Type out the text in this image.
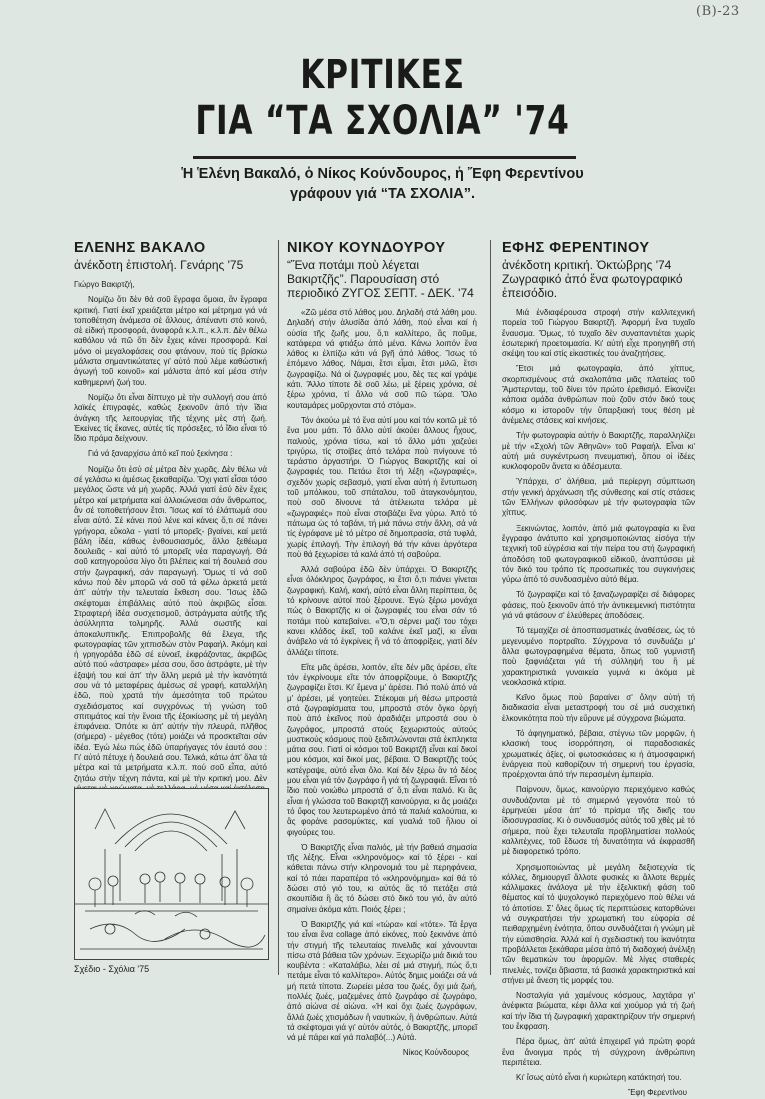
(B)-23
ΚΡΙΤΙΚΕΣ
ΓΙΑ “ΤΑ ΣΧΟΛΙΑ” '74
Ἡ Ἑλένη Βακαλό, ὁ Νίκος Κούνδουρος, ἡ Ἔφη Φερεντίνου
γράφουν γιά “ΤΑ ΣΧΟΛΙΑ”.
ΕΛΕΝΗΣ ΒΑΚΑΛΟ
ἀνέκδοτη ἐπιστολή. Γενάρης '75

Γιώργο Βακιρτζή,

Νομίζω ὅτι δὲν θά σοῦ ἔγραφα ὅμοια, ἂν ἔγραφα κριτική. Γιατί ἐκεῖ χρειάζεται μέτρο καί μέτρημα γιά νά τοποθέτηση ἀνάμεσα σὲ ἄλλους, ἀπέναντι στό κοινό, σὲ εἰδική προσφορά, ἀναφορά κ.λ.π., κ.λ.π. Δὲν θέλω καθόλου νά πῶ ὅτι δὲν ἔχεις κάνει προσφορά. Καί μόνο οἱ μεγαλοφάσεις σου φτάνουν, πού τίς βρίσκω μάλιστα σημαντικώτατες γι' αὐτό πού λέμε καθώστική ἀγωγή τοῦ κοινοῦ» καί μάλιστα ἀπό καί μέσα στὴν καθημερινή ζωή του.

Νομίζω ὅτι εἶναι δίπτυχο μὲ τὴν συλλογή σου ἀπό λαϊκές ἐπιγραφές, καθώς ξεκινοῦν ἀπό τὴν ἴδια ἀνάγκη τῆς λειτουργίας τῆς τέχνης μὲς στή ζωή. Ἐκείνες τίς ἔκανες, αὐτές τίς πρόσεξες, τό ἴδιο εἶναι τό ἴδιο πράμα δείχνουν.

Γιά νά ξαναρχίσω ἀπό κεῖ πού ξεκίνησα :

Νομίζω ὅτι ἐσύ σέ μέτρα δὲν χωρᾶς. Δὲν θέλω νά σέ γελάσω κι ἀμέσως ξεκαθαρίζω. Ὄχι γιατί εἶσαι τόσο μεγάλος ὥστε νά μή χωρᾶς. Ἀλλά γιατί ἐσύ δὲν ἔχεις μέτρο καί μετρήματα καί ἀλλοιώνεσαι σάν ἄνθρωπος, ἂν σέ τοποθετήσουν ἔτσι. Ἴσως καί τό ἐλάττωμά σου εἶναι αὐτό. Σέ κάνει πού λένε καί κάνεις ὅ,τι σέ πάνει γρήγορα, εὔκολα - γιατί τό μπορεῖς- βγαίνει, καί μετά βάλη ἰδέα, κάθως ἐνθουσιασμός, ἄλλο ξεθέωμα δουλειᾶς - καί αὐτό τό μπορεῖς νέα παραγωγή. Θά σοῦ κατηγορούσα λίγο ὅτι βλέπεις καί τή δουλειά σου στήν ζωγραφική, σάν παραγωγή. Ὅμως τί νά σοῦ κάνω πού δὲν μπορῶ νά σοῦ τά φέλω ἀρκετά μετά ἀπ' αὐτήν τὴν τελευταία ἔκθεση σου. Ἴσως ἐδῶ σκέφτομαι ἐπιβάλλεις αὐτό ποὺ ἀκριβῶς εἶσαι. Στραφτερή ἰδέα συσχετισμοῦ, ἀστράγματα αὐτῆς τῆς ἀσύλληπτα τολμηρῆς. Ἀλλά σωστῆς καί ἀποκαλυπτικῆς. Ἐπιπροβολῆς θά ἔλεγα, τῆς φωτογραφίας τῶν χιτπισδών στὸν Ραφαήλ. Ἀκόμη καί ἡ γρηγοράδα ἐδῶ σέ εὐνοεῖ, ἐκφράζοντας, ἀκριβῶς αὐτό πού «ἀστραφε» μέσα σου, ὅσο ἀστράφτε, μὲ τὴν ἐξαψή του καί ἀπ' τὴν ἄλλη μεριά μὲ τὴν ἱκανότητά σου νά τό μεταφέρεις ἀμέσως σέ γραφή, καταλλήλη ἐδῶ, ποὺ χρατά τήν ἀμεσότητα τοῦ πρώτου σχεδιάσματος καί συγχρόνως τή γνώση τοῦ σπιτιμάτος καί τὴν ἔνοια τῆς ἐξοικίωσης μὲ τή μεγάλη ἐπιφάνεια. Ὁπότε κι ἀπ' αὐτήν τὴν πλευρά, πλῆθος (σήμερα) - μέγεθος (τότε) μοιάζει νά προσκτεῖται σάν ἰδέα. Ἐγώ λέω πώς ἐδῶ ὑπαρήγαγες τόν ἑαυτό σου : Γι' αὐτό πέτυχε ἡ δουλειά σου. Τελικά, κάτω ἀπ' ὅλα τά μέτρα καί τά μετρήματα κ.λ.π. πού σοῦ εἶπα, αὐτό ζητάω στὴν τέχνη πάντα, καί μὲ τὴν κριτική μου. Δὲν

Σχέδιο - Σχόλια '75
ΝΙΚΟΥ ΚΟΥΝΔΟΥΡΟΥ
“Ἕνα ποτάμι ποὺ λέγεται Βακιρτζῆς”. Παρουσίαση στό περιοδικό ΖΥΓΟΣ ΣΕΠΤ. - ΔΕΚ. '74

«Ζῶ μέσα στό λάθος μου. Δηλαδή στά λάθη μου. Δηλαδή στήν ἀλυσίδα ἀπό λάθη, πού εἶναι καί ἡ οὐσία τῆς ζωῆς μου, ὅ,τι καλλίτερο, ἂς ποῦμε, κατάφερα νά φτιάξω ἀπό μένα. Κάνω λοιπόν ἕνα λάθος κι ἐλπίζω κάτι νά βγῆ ἀπό λάθος. Ἴσως τό ἑπόμενο λάθος. Νάμαι, ἔτσι εἶμαι, ἔτσι μιλῶ, ἔτσι ζωγραφίζω. Νά οἱ ζωγραφιές μου, δὲς τες καί γράψε κάτι. Ἄλλο τίποτε δὲ σοῦ λέω, μὲ ξέρεις χρόνια, σέ ξέρω χρόνια, τί ἄλλο νά σοῦ πῶ τώρα. Ὅλο κουταμάρες μοῦρχονται στό στόμα».

Τόν ἀκούω μὲ τό ἕνα αὐτί μου καί τόν κοιτῶ μὲ τό ἕνα μου μάτι. Τό ἄλλο αὐτί ἀκούει ἄλλους ἤχους, παλιούς, χρόνια τίσω, καί τό ἄλλο μάτι χαζεύει τριγύρω, τίς στοίβες ἀπό τελάρα ποὺ πνίγουνε τό τεράστιο ἀργαστήρι. Ὁ Γιώργος Βακιρτζῆς καί οἱ ζωγραφιές του. Πετάω ἔτσι τή λέξη «ζωγραφιές», σχεδόν χωρίς σεβασμό, γιατί εἶναι αὐτή ἡ ἔντυπωση τοῦ μπόλικου, τοῦ σπάταλου, τοῦ ἀταγκονόμητου, ποὺ σοῦ δίνουνε τά ἀτέλειωτα τελάρα μὲ «ζωγραφιές» ποὺ εἶναι στοιβάζει ἕνα γύρω. Ἀπό τό πάτωμα ὡς τό ταβάνι, τή μιά πάνω στήν ἄλλη, σά νά τίς ἐγράφανε μὲ τό μέτρο σέ δημοπρασία, στά τυφλά, χωρίς ἐπιλογή. Τὴν ἐπιλογή θά τήν κάνει ἀργότερα ποὺ θά ξεχωρίσει τά καλά ἀπό τή σαβούρα.

Ἀλλά σαβούρα ἐδῶ δὲν ὑπάρχει. Ὁ Βακιρτζῆς εἶναι ὁλόκληρος ζωγράφος, κι ἔτσι ὅ,τι πιάνει γίνεται ζωγραφική. Καλή, κακή, αὐτό εἶναι ἄλλη περίπτεια, ὃς τό κρίνουνε αὐτοί ποὺ ξέρουνε. Ἐγώ ξέρω μονάχα πώς ὁ Βακιρτζῆς κι οἱ ζωγραφιές του εἶναι σάν τό ποτάμι ποὺ κατεβαίνει. «Ὅ,τι σέρνει μαζί του τόχει κανει κλάδος ἐκεῖ, τοῦ καλάνε ἐκεῖ μαζί, κι εἶναι ἀνάβελο νά τό ἐγκρίνεις ἢ νά τό ἀποφρίξεις, γιατί δέν ἀλλάζει τίποτε.

Εἴτε μᾶς ἀρέσει, λοιπόν, εἴτε δέν μᾶς ἀρέσει, εἴτε τόν ἐγκρίνουμε εἴτε τόν ἀποφρίζουμε, ὁ Βακιρτζῆς ζωγραφίζει ἔτσι. Κι' ἔμενα μ' ἀρέσει. Πιό πολύ ἀπό νά μ' ἀρέσει, μέ γοητεύει. Στέκομαι μή θέσω μπροστά στά ζωγραφίσματα του, μπροστά στόν ὄγκο ὁργή ποὺ ἀπό ἐκεῖνος ποὺ ἀραδιάζει μπροστά σου ὁ ζωγράφος, μπροστά στούς ξεχωριστούς αὐτούς μυστικούς κόσμους ποὺ ξεδιπλώνονται στά ἐκπληκτα μάτια σου. Γιατί οἱ κόσμοι τοῦ Βακιρτζῆ εἶναι καί δικοί μου κόσμοι, καί δικοί μας, βέβαια. Ὁ Βακιρτζῆς τούς κατέγραψε, αὐτό εἶναι ὅλο. Καί δέν ξέρω ἂν τό δέος μου εἶναι γιά τόν ζωγράφο ἢ γιά τή ζωγραφιά. Εἶναι τό ἴδιο ποὺ νοιώθω μπροστά σ' ὅ,τι εἶναι παλιό. Κι ἂς εἶναι ἡ γλώσσα τοῦ Βακιρτζῆ καινούργια, κι ἂς μοιάζει τό ὕφος του λευτερωμένο ἀπό τά παλιά καλούπια, κι ἂς φοράνε ρασομύκτες, καί γυαλιά τοῦ ἥλιου οἱ φιγούρες του.

Ὁ Βακιρτζῆς εἶναι παλιός, μὲ τήν βαθειά σημασία τῆς λέξης. Εἶναι «κληρονόμος» καί τό ξέρει - καί κάθεται πάνω στήν κληρονομιά του μὲ περηφάνεια, καί τό πάει παραπέρα τό «κληρονόμημα» καί θά τό δώσει στό γιό του, κι αὐτός ἂς τό πετάξει στά σκουπίδια ἢ ἂς τό δώσει στό δικό του γιό, ἂν αὐτό σημαίνει ἀκόμα κάτι. Ποιός ξέρει ;

Ὁ Βακιρτζῆς γιά καί «τώρα» καί «τότε». Τά ἔργα του εἶναι ἕνα collage ἀπό εἰκόνες, ποὺ ξεκινάνε ἀπό τήν στιγμή τῆς τελευταίας πινελιᾶς καί χάνουνται πίσω στά βάθεια τῶν χρόνων. Ξεχωρίζω μιά δικιά του κουβέντα : «Καταλάβω, λέει σέ μιά στιγμή, πώς ὅ,τι πετάμε εἶναι τό καλλίτερο». Αὐτός δημις μοιάζει σά νά μή πετά τίποτα. Ζωρείει μέσα του ζωές, ὄχι μιά ζωή, πολλές ζωές, μαζεμένες ἀπό ζωγράφο σέ ζωγράφο, ἀπό αἰώνα σέ αἰώνα. «Ἡ καί ὄχι ζωές ζωγράφων, ἄλλά ζωές χτισμάδων ἢ ναυτικών, ἢ ἀνθρώπων. Αὐτά τά σκέφτομαι γιά γι' αὐτόν αὐτός, ὁ Βακιρτζῆς, μπορεῖ νά μέ πάρει καί γιά παλαβό(...) Αὐτά.

Νίκος Κούνδουρος
ΕΦΗΣ ΦΕΡΕΝΤΙΝΟΥ
ἀνέκδοτη κριτική. Ὀκτώβρης '74 Ζωγραφικό ἀπό ἕνα φωτογραφικό ἐπεισόδιο.

Μιά ἐνδιαφέρουσα στροφή στήν καλλιτεχνική πορεία τοῦ Γιώργου Βακιρτζῆ. Ἀφορμή ἕνα τυχαῖο ἔναυσμα. Ὅμως, τό τυχαῖο δὲν συναπαντιέται χωρίς ἐσωτερική προετοιμασία. Κι' αὐτή εἶχε προηγηθῆ στή σκέψη του καί στίς εἰκαστικές του ἀναζητήσεις.

Ἔτσι μιά φωτογραφία, ἀπό χίτπυς, σκορπισμένους στά σκαλοπάτια μιᾶς πλατείας τοῦ Ἄμστερνταμ, τοῦ δίνει τόν πρώτο ἐρεθισμό. Εἰκονίζει κάποια ομάδα ἀνθρώπων ποὺ ζοῦν στόν δικό τους κόσμο κι ἱστοροῦν τήν ὕπαρξιακή τους θέση μὲ ἀνέμελες στάσεις καί κινήσεις.

Τήν φωτογραφία αὐτήν ὁ Βακιρτζῆς, παραλληλίζει μὲ τήν «Σχολή τῶν Ἀθηνῶν» τοῦ Ραφαήλ. Εἶναι κι' αὐτή μιά συγκέντρωση πνευματική, ὅπου οἱ ἰδέες κυκλοφοροῦν ἄνετα κι ἀδέσμευτα.

Ὑπάρχει, σ' ἀλήθεια, μιά περίεργη σύμπτωση στήν γενική ἀρχάνωση τῆς σύνθεσης καί στίς στάσεις τῶν Ἑλλήνων φιλοσόφων μὲ τήν φωτογραφία τῶν χίτπυς.

Ξεκινώντας, λοιπόν, ἀπό μιά φωτογραφία κι ἕνα ἔγγραφο ἀνάτυπο καί χρησιμοποιώντας εἰσόγα τήν τεχνική τοῦ εὐγρέσια καί τήν πείρα του στή ζωγραφική ἀποδόση τοῦ φωτογραφικοῦ εἰδικοῦ, ἀναπτύσσει μὲ τόν δικό του τρόπο τίς προσωπικές του συγκινήσεις γύρω ἀπό τό συνδυασμένο αὐτό θέμα.

Τό ζωγραφίζει καί τό ξαναζωγραφίζει σέ διάφορες φάσεις, ποὺ ξεκινοῦν ἀπό τήν ἀντικειμενική πιστότητα γιά νά φτάσουν σ' ἐλεύθερες ἀποδόσεις.

Τό τεμαχίζει σέ ἀποσπασματικές ἀναθέσεις, ὡς τό μεγενυμένο πορτραῖτο. Σύγχρονα τό συνδυάζει μ' ἄλλα φωτογραφημένα θέματα, ὅπως τοῦ γυμνιστῆ ποὺ ξαφνιάζεται γιά τή σύλληψή του ἢ μὲ χαρακτηριστικά γυναικεία γυμνά κι ἀκόμα μὲ νεοκλασικά κτίρια.

Κεῖνο ὅμως ποὺ βαραίνει σ' ὅλην αὐτή τή διαδικασία εἶναι μεταστροφή του σέ μιά συσχετική ἐλκονικότητα ποὺ τήν εὔρυνε μέ σύγχρονα βιώματα.

Τό ἀφηγηματικό, βέβαια, στέγνω τῶν μορφῶν, ἡ κλασική τους ἰσορρόπηση, οἱ παραδοσιακές χρωματικές ἀξίες, οἱ φωτοσκιάσεις κι ἡ ἀτμοσφαιρική ἐνάργεια ποὺ καθορίζουν τή σημερινή του ἐργασία, προέρχονται ἀπό τήν περασμένη ἐμπειρία.

Παίρνουν, ὅμως, καινούργιο περιεχόμενο καθώς συνδυάζονται μὲ τό σημερινό γεγονότα ποὺ τό ἐρμηνεύει μέσα ἀπ' τό πρίσμα τῆς δικῆς του ἰδιοσυγρασίας. Κι ὁ συνδυασμός αὐτός τοῦ χθὲς μὲ τό σήμερα, ποὺ ἔχει τελευταῖα προβληματίσει πολλούς καλλιτέχνες, τοῦ ἔδωσε τή δυνατότητα νά ἐκφρασθῆ μὲ διαφορετικό τρόπο.

Χρησιμοποιώντας μὲ μεγάλη δεξιοτεχνία τίς κόλλες, δημιουργεῖ ἄλλοτε φυσικές κι ἄλλοτε θερμές κάλλιμακες ἀνάλογα μὲ τήν ἐξελικτική φάση τοῦ θέματος καί τό ψυχολογικό περιεχόμενο ποὺ θέλει νά τό ἀποτίσει. Σ' ὅλες ὅμως τίς περιπτώσεις κατορθώνει νά συγκρατήσει τήν χρωματική του εὐφορία σέ πειθαρχημένη ἐνότητα, ὅπου συνδυάζεται ἡ γνώμη μὲ τήν εὐαισθησία. Ἀλλά καί ἡ σχεδιαστική του ἱκανότητα προβάλλεται ξεκάθαρα μέσα ἀπό τή διαδοχική ἀνέλιξη τῶν θεματικών του ἀφορμῶν. Μὲ λίγες σταθερές πινελιές, τονίζει ἄβιαστα, τά βασικά χαρακτηριστικά καί στήνει μὲ ἄνεση τίς μορφές του.

Νοσταλγία γιά χαμένους κόσμους, λαχτάρα γι' ἀνέφικτα βιώματα, κέφι ἄλλα καί χιούμορ γιά τή ζωή καί τήν ἴδια τή ζωγραφική χαρακτηρίζουν τήν σημερινή του ἔκφραση.

Πέρα ὅμως, ἀπ' αὐτά ἐπιχειρεῖ γιά πρώτη φορά ἕνα ἄνοιγμα πρός τή σύγχρονη ἀνθρώπινη περιπέτεια.

Κι' ἴσως αὐτό εἶναι ἡ κυριώτερη κατάκτησή του.

Ἔφη Φερεντίνου
